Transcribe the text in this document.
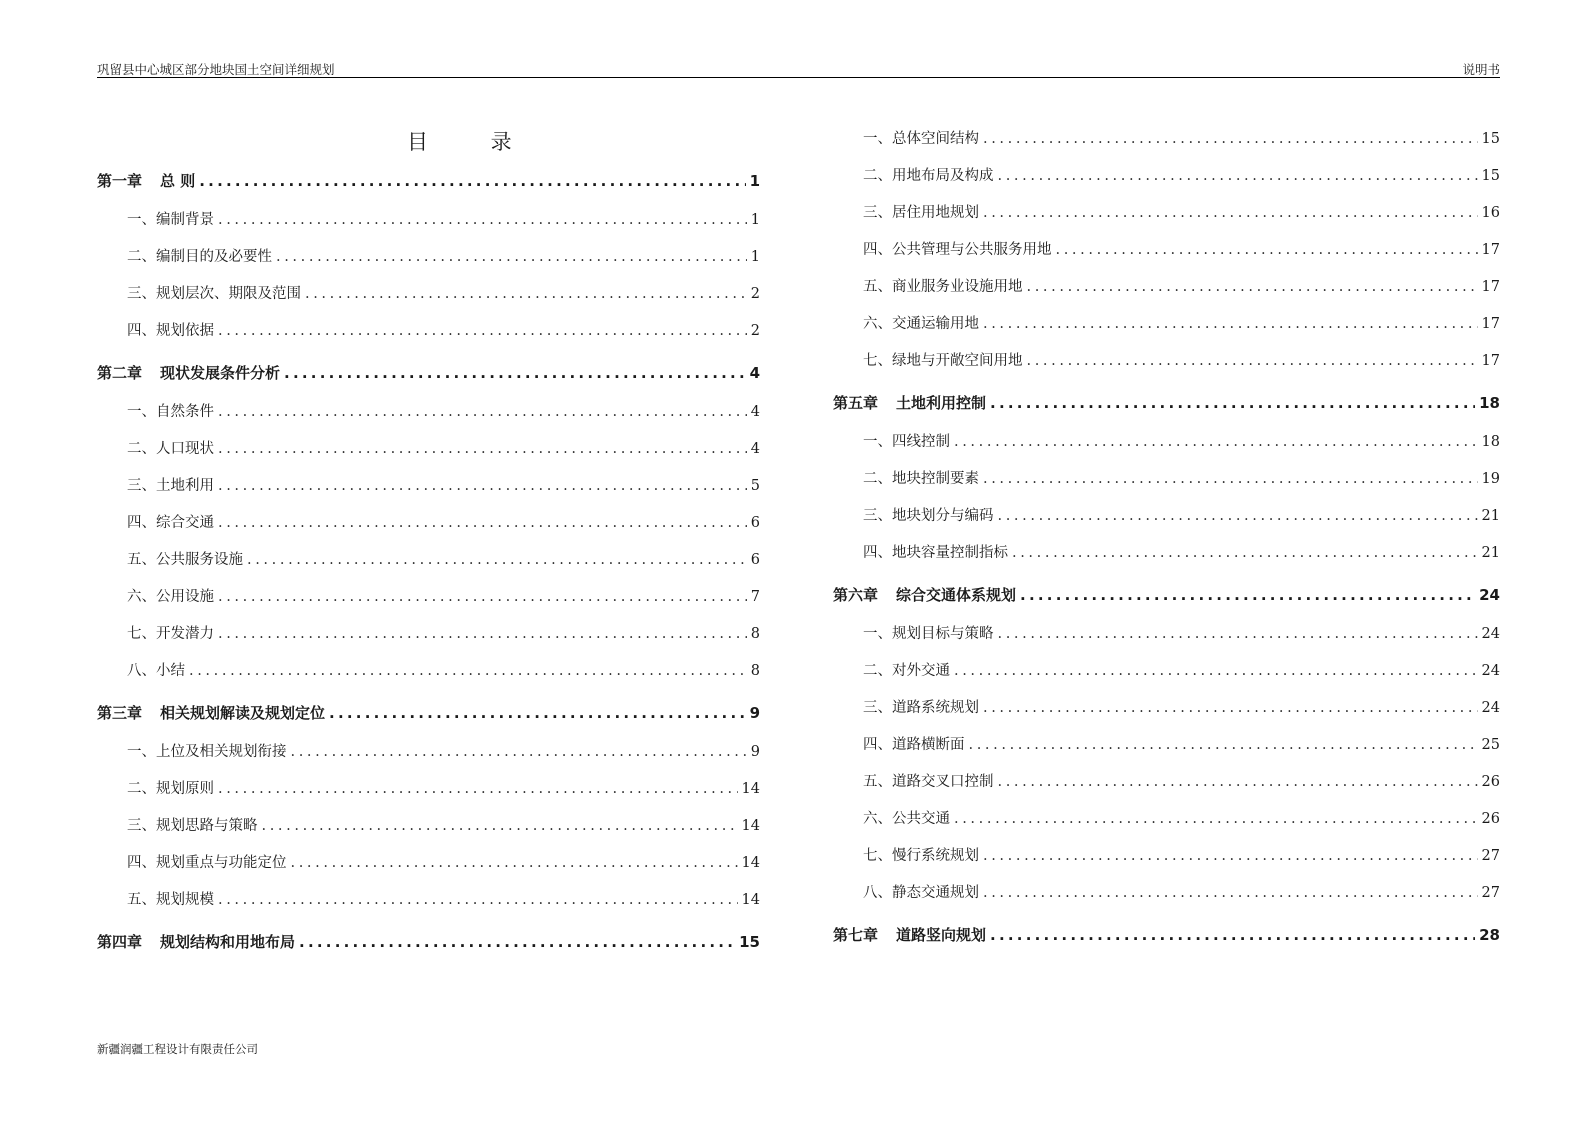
巩留县中心城区部分地块国土空间详细规划	说明书
目 录
第一章 总 则 . . .	1
一、编制背景 . . .	1
二、编制目的及必要性 . . .	1
三、规划层次、期限及范围 . . .	2
四、规划依据 . . .	2
第二章 现状发展条件分析 . . .	4
一、自然条件 . . .	4
二、人口现状 . . .	4
三、土地利用 . . .	5
四、综合交通 . . .	6
五、公共服务设施 . . .	6
六、公用设施 . . .	7
七、开发潜力 . . .	8
八、小结 . . .	8
第三章 相关规划解读及规划定位 . . .	9
一、上位及相关规划衔接 . . .	9
二、规划原则 . . .	14
三、规划思路与策略 . . .	14
四、规划重点与功能定位 . . .	14
五、规划规模 . . .	14
第四章 规划结构和用地布局 . . .	15
一、总体空间结构 . . .	15
二、用地布局及构成 . . .	15
三、居住用地规划 . . .	16
四、公共管理与公共服务用地 . . .	17
五、商业服务业设施用地 . . .	17
六、交通运输用地 . . .	17
七、绿地与开敞空间用地 . . .	17
第五章 土地利用控制 . . .	18
一、四线控制 . . .	18
二、地块控制要素 . . .	19
三、地块划分与编码 . . .	21
四、地块容量控制指标 . . .	21
第六章 综合交通体系规划 . . .	24
一、规划目标与策略 . . .	24
二、对外交通 . . .	24
三、道路系统规划 . . .	24
四、道路横断面 . . .	25
五、道路交叉口控制 . . .	26
六、公共交通 . . .	26
七、慢行系统规划 . . .	27
八、静态交通规划 . . .	27
第七章 道路竖向规划 . . .	28
新疆润疆工程设计有限责任公司
